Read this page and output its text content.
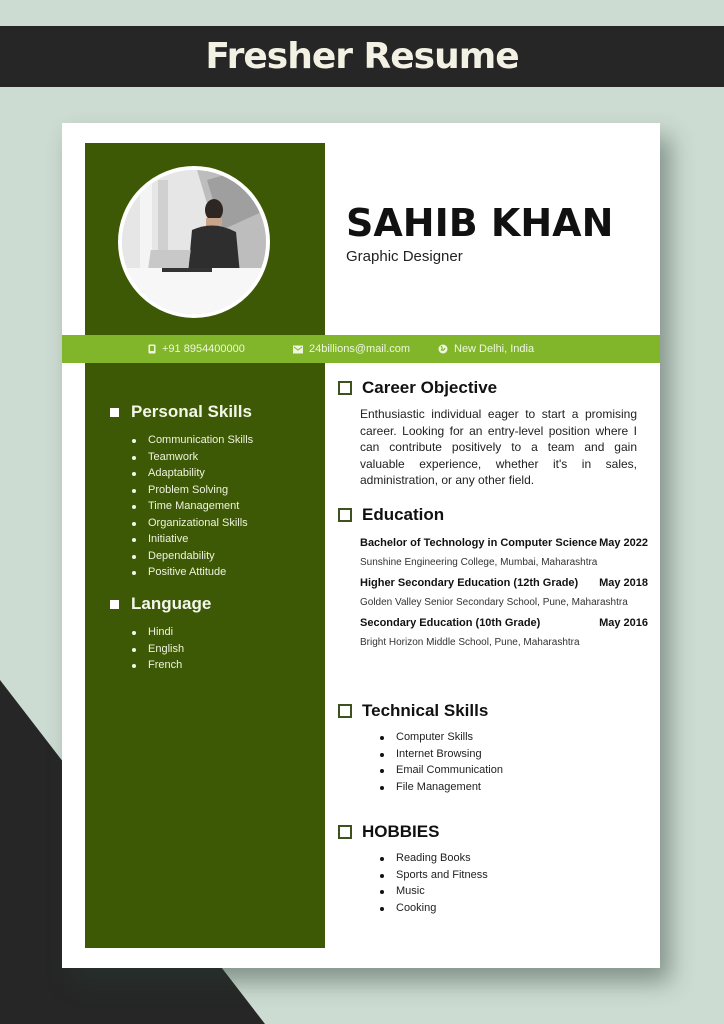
Fresher Resume
SAHIB KHAN
Graphic Designer
+91 8954400000	24billions@mail.com	New Delhi, India
Personal Skills
Communication Skills
Teamwork
Adaptability
Problem Solving
Time Management
Organizational Skills
Initiative
Dependability
Positive Attitude
Language
Hindi
English
French
Career Objective
Enthusiastic individual eager to start a promising career. Looking for an entry-level position where I can contribute positively to a team and gain valuable experience, whether it's in sales, administration, or any other field.
Education
Bachelor of Technology in Computer Science May 2022
Sunshine Engineering College, Mumbai, Maharashtra
Higher Secondary Education (12th Grade) May 2018
Golden Valley Senior Secondary School, Pune, Maharashtra
Secondary Education (10th Grade)	May 2016
Bright Horizon Middle School, Pune, Maharashtra
Technical Skills
Computer Skills
Internet Browsing
Email Communication
File Management
HOBBIES
Reading Books
Sports and Fitness
Music
Cooking
